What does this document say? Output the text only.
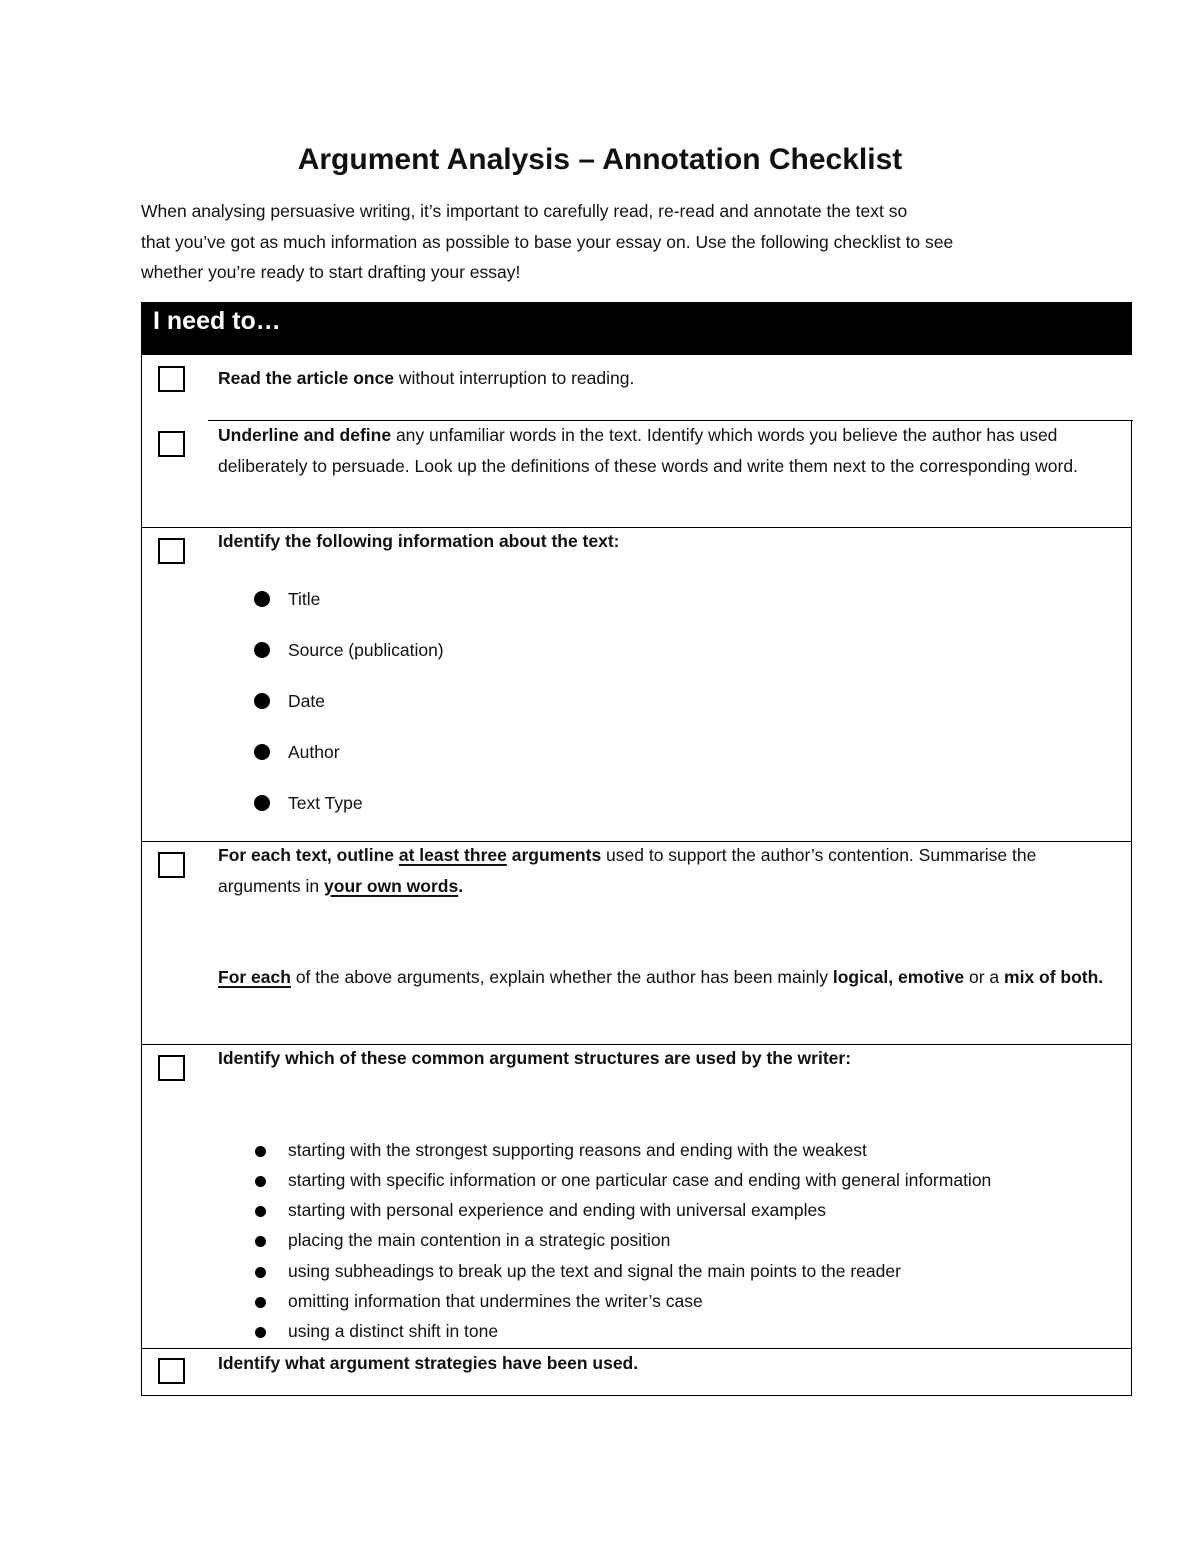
Argument Analysis – Annotation Checklist

When analysing persuasive writing, it’s important to carefully read, re-read and annotate the text so

that you’ve got as much information as possible to base your essay on. Use the following checklist to see

whether you’re ready to start drafting your essay!

I need to…

Read the article once without interruption to reading.

Underline and define any unfamiliar words in the text. Identify which words you believe the author has used deliberately to persuade. Look up the definitions of these words and write them next to the corresponding word.

Identify the following information about the text:

Title
Source (publication)
Date
Author
Text Type

For each text, outline at least three arguments used to support the author’s contention. Summarise the arguments in your own words.

For each of the above arguments, explain whether the author has been mainly logical, emotive or a mix of both.

Identify which of these common argument structures are used by the writer:

starting with the strongest supporting reasons and ending with the weakest
starting with specific information or one particular case and ending with general information
starting with personal experience and ending with universal examples
placing the main contention in a strategic position
using subheadings to break up the text and signal the main points to the reader
omitting information that undermines the writer’s case
using a distinct shift in tone

Identify what argument strategies have been used.
